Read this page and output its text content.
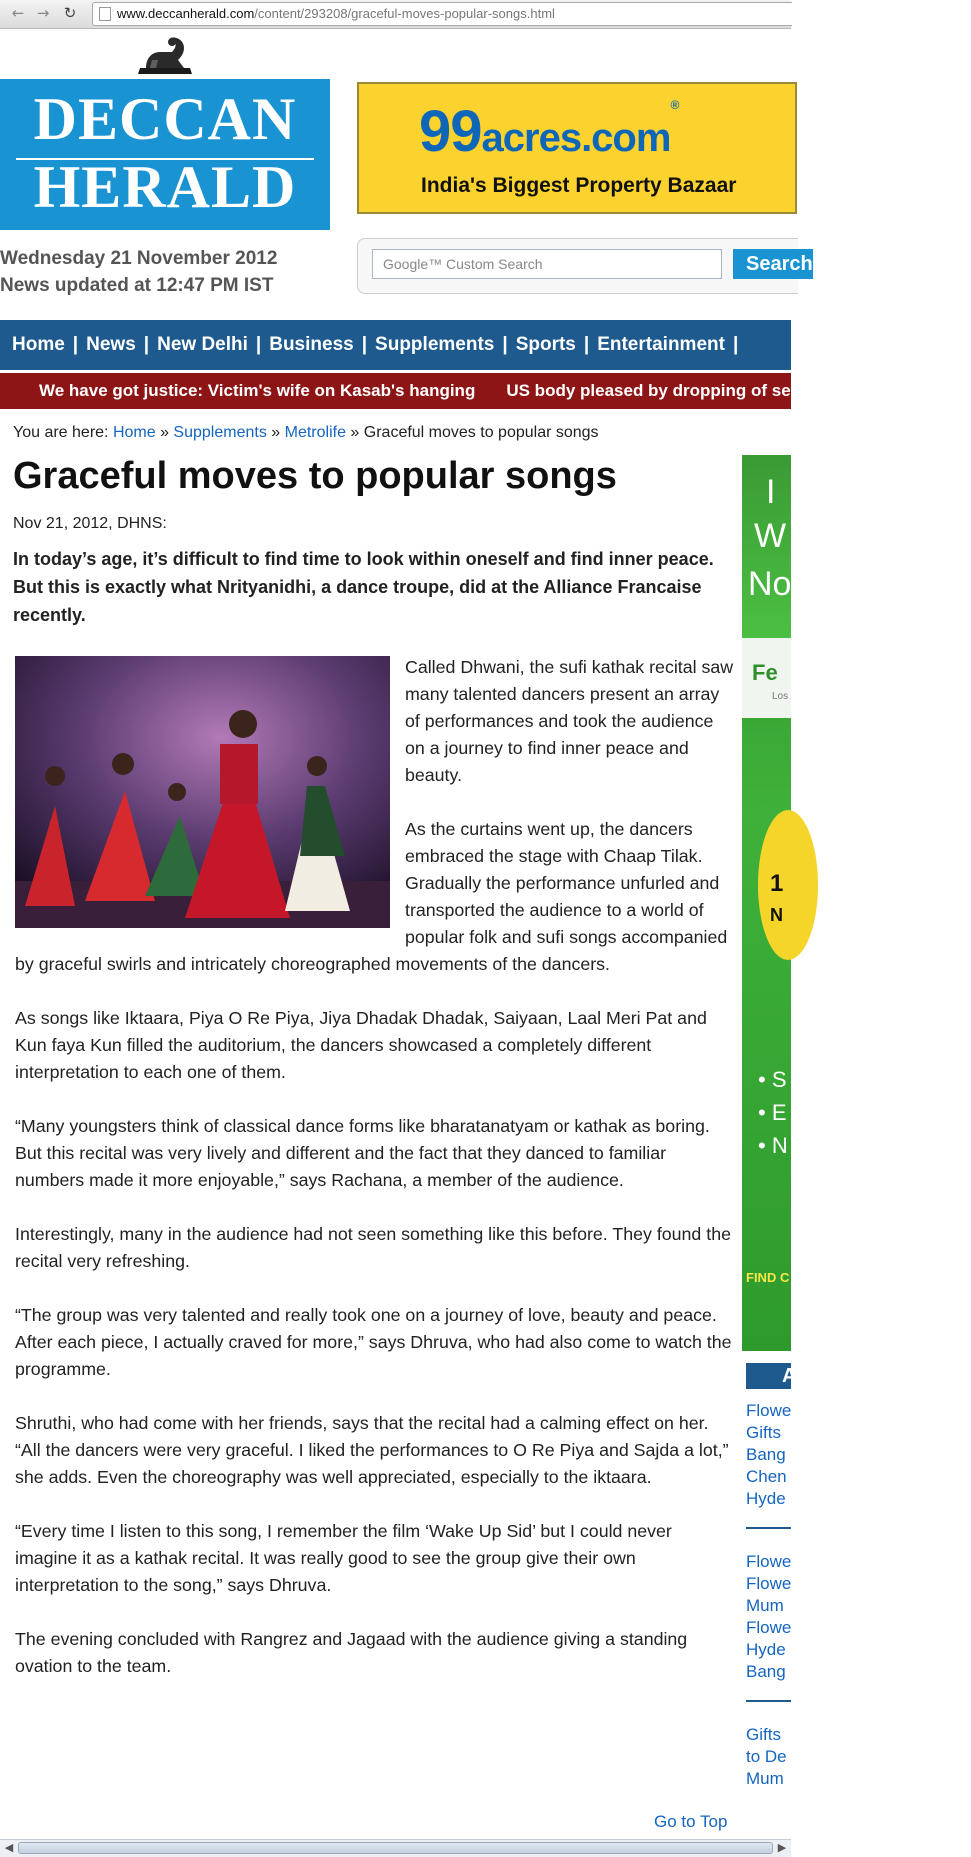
← → ↻	www.deccanherald.com/content/293208/graceful-moves-popular-songs.html
DECCAN
HERALD
99acres.com®
India's Biggest Property Bazaar
Wednesday 21 November 2012
News updated at 12:47 PM IST
Google™ Custom Search
Search
Home | News | New Delhi | Business | Supplements | Sports | Entertainment |
We have got justice: Victim's wife on Kasab's hanging US body pleased by dropping of sedition charges against
You are here: Home » Supplements » Metrolife » Graceful moves to popular songs
Graceful moves to popular songs
Nov 21, 2012, DHNS:
In today’s age, it’s difficult to find time to look within oneself and find inner peace. But this is exactly what Nrityanidhi, a dance troupe, did at the Alliance Francaise recently.

Called Dhwani, the sufi kathak recital saw many talented dancers present an array of performances and took the audience on a journey to find inner peace and beauty.

As the curtains went up, the dancers embraced the stage with Chaap Tilak. Gradually the performance unfurled and transported the audience to a world of popular folk and sufi songs accompanied by graceful swirls and intricately choreographed movements of the dancers.

As songs like Iktaara, Piya O Re Piya, Jiya Dhadak Dhadak, Saiyaan, Laal Meri Pat and Kun faya Kun filled the auditorium, the dancers showcased a completely different interpretation to each one of them.

“Many youngsters think of classical dance forms like bharatanatyam or kathak as boring. But this recital was very lively and different and the fact that they danced to familiar numbers made it more enjoyable,” says Rachana, a member of the audience.

Interestingly, many in the audience had not seen something like this before. They found the recital very refreshing.

“The group was very talented and really took one on a journey of love, beauty and peace. After each piece, I actually craved for more,” says Dhruva, who had also come to watch the programme.

Shruthi, who had come with her friends, says that the recital had a calming effect on her.

“All the dancers were very graceful. I liked the performances to O Re Piya and Sajda a lot,” she adds. Even the choreography was well appreciated, especially to the iktaara.

“Every time I listen to this song, I remember the film ‘Wake Up Sid’ but I could never imagine it as a kathak recital. It was really good to see the group give their own interpretation to the song,” says Dhruva.

The evening concluded with Rangrez and Jagaad with the audience giving a standing ovation to the team.

Go to Top
I
W
No
Fe
Los
1
N
• S
• E
• N
FIND C
A
Flowe
Gifts
Bang
Chen
Hyde
Flowe
Flowe
Mum
Flowe
Hyde
Bang
Gifts
to De
Mum
◀	▶
